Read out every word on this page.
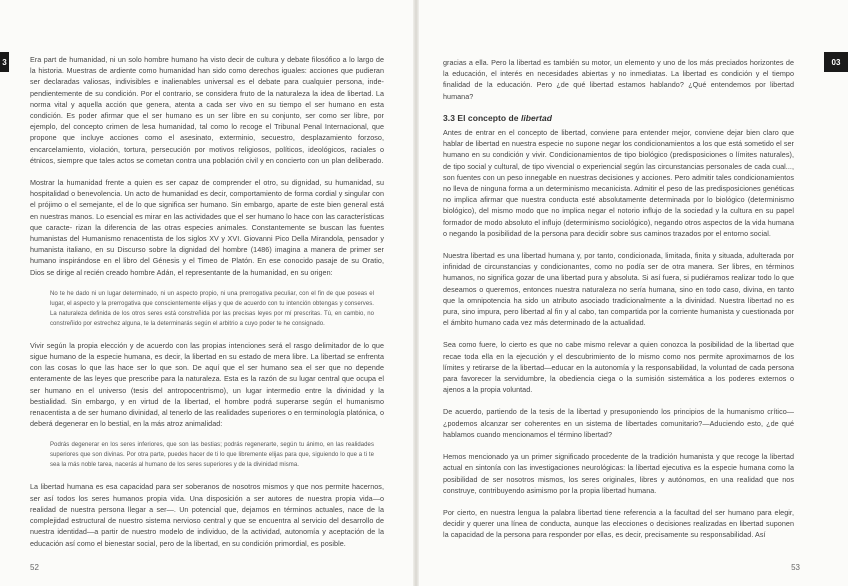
3	Era part de humanidad, ni un solo hombre humano ha visto decir de cultura y debate filosófico a lo largo de la historia. Muestras de ardiente como humanidad han sido como derechos iguales: acciones que pudieran ser declaradas valiosas, indivisibles e inalienables universal es el debate para cualquier persona, inde- pendientemente de su condición. Por el contrario, se considera fruto de la naturaleza la idea de libertad. La norma vital y aquella acción que genera, atenta a cada ser vivo en su tiempo el ser humano en esta condición. Es poder afirmar que el ser humano es un ser libre en su conjunto, ser como ser libre, por ejemplo, del concepto crimen de lesa humanidad, tal como lo recoge el Tribunal Penal Internacional, que propone que incluye acciones como el asesinato, exterminio, secuestro, desplazamiento forzoso, encarcelamiento, violación, tortura, persecución por motivos religiosos, políticos, ideológicos, raciales o étnicos, siempre que tales actos se cometan contra una población civil y en concierto con un plan deliberado.

Mostrar la humanidad frente a quien es ser capaz de comprender el otro, su dignidad, su humanidad, su hospitalidad o benevolencia. Un acto de humanidad es decir, comportamiento de forma cordial y singular con el prójimo o el semejante, el de lo que significa ser humano. Sin embargo, aparte de este bien general está en nuestras manos. Lo esencial es mirar en las actividades que el ser humano lo hace con las características que caracte- rizan la diferencia de las otras especies animales. Constantemente se buscan las fuentes humanistas del Humanismo renacentista de los siglos XV y XVI. Giovanni Pico Della Mirandola, pensador y humanista italiano, en su Discurso sobre la dignidad del hombre (1486) imagina a manera de primer ser humano inspirándose en el libro del Génesis y el Timeo de Platón. En ese conocido pasaje de su Oratio, Dios se dirige al recién creado hombre Adán, el representante de la humanidad, en su origen:

No te he dado ni un lugar determinado, ni un aspecto propio, ni una prerrogativa peculiar, con el fin de que poseas el lugar, el aspecto y la prerrogativa que conscientemente elijas y que de acuerdo con tu intención obtengas y conserves. La naturaleza definida de los otros seres está constreñida por las precisas leyes por mí prescritas. Tú, en cambio, no constreñido por estrechez alguna, te la determinarás según el arbitrio a cuyo poder te he consignado.

Vivir según la propia elección y de acuerdo con las propias intenciones será el rasgo delimitador de lo que sigue humano de la especie humana, es decir, la libertad en su estado de mera libre. La libertad se enfrenta con las cosas lo que las hace ser lo que son. De aquí que el ser humano sea el ser que no depende enteramente de las leyes que prescribe para la naturaleza. Esta es la razón de su lugar central que ocupa el ser humano en el universo (tesis del antropocentrismo), un lugar intermedio entre la divinidad y la bestialidad. Sin embargo, y en virtud de la libertad, el hombre podrá superarse según el humanismo renacentista a de ser humano divinidad, al tenerlo de las realidades superiores o en terminología platónica, o deberá degenerar en lo bestial, en la más atroz animalidad:

Podrás degenerar en los seres inferiores, que son las bestias; podrás regenerarte, según tu ánimo, en las realidades superiores que son divinas. Por otra parte, puedes hacer de ti lo que libremente elijas para que, siguiendo lo que a ti te sea la más noble tarea, nacerás al humano de los seres superiores y de la divinidad misma.

La libertad humana es esa capacidad para ser soberanos de nosotros mismos y que nos permite hacernos, ser así todos los seres humanos propia vida. Una disposición a ser autores de nuestra propia vida—o realidad de nuestra persona llegar a ser—. Un potencial que, dejamos en términos actuales, nace de la complejidad estructural de nuestro sistema nervioso central y que se encuentra al servicio del desarrollo de nuestra identidad—a partir de nuestro modelo de individuo, de la actividad, autonomía y aceptación de la educación así como el bienestar social, pero de la libertad, en su condición primordial, es posible.

52
03

gracias a ella. Pero la libertad es también su motor, un elemento y uno de los más preciados horizontes de la educación, el interés en necesidades abiertas y no inmediatas. La libertad es condición y el tiempo finalidad de la educación. Pero ¿de qué libertad estamos hablando? ¿Qué entendemos por libertad humana?

3.3 El concepto de libertad

Antes de entrar en el concepto de libertad, conviene para entender mejor, conviene dejar bien claro que hablar de libertad en nuestra especie no supone negar los condicionamientos a los que está sometido el ser humano en su condición y vivir. Condicionamientos de tipo biológico (predisposiciones o límites naturales), de tipo social y cultural, de tipo vivencial o experiencial según las circunstancias personales de cada cual..., son fuentes con un peso innegable en nuestras decisiones y acciones. Pero admitir tales condicionamientos no lleva de ninguna forma a un determinismo mecanicista. Admitir el peso de las predisposiciones genéticas no implica afirmar que nuestra conducta esté absolutamente determinada por lo biológico (determinismo biológico), del mismo modo que no implica negar el notorio influjo de la sociedad y la cultura en su papel formador de modo absoluto el influjo (determinismo sociológico), negando otros aspectos de la vida humana o negando la posibilidad de la persona para decidir sobre sus caminos trazados por el entorno social.

Nuestra libertad es una libertad humana y, por tanto, condicionada, limitada, finita y situada, adulterada por infinidad de circunstancias y condicionantes, como no podía ser de otra manera. Ser libres, en términos humanos, no significa gozar de una libertad pura y absoluta. Si así fuera, si pudiéramos realizar todo lo que deseamos o queremos, entonces nuestra naturaleza no sería humana, sino en todo caso, divina, en tanto que la omnipotencia ha sido un atributo asociado tradicionalmente a la divinidad. Nuestra libertad no es pura, sino impura, pero libertad al fin y al cabo, tan compartida por la corriente humanista y cuestionada por el ámbito humano cada vez más determinado de la actualidad.

Sea como fuere, lo cierto es que no cabe mismo relevar a quien conozca la posibilidad de la libertad que recae toda ella en la ejecución y el descubrimiento de lo mismo como nos permite aproximarnos de los límites y retirarse de la libertad—educar en la autonomía y la responsabilidad, la voluntad de cada persona para favorecer la servidumbre, la obediencia ciega o la sumisión sistemática a los poderes externos o ajenos a la propia voluntad.

De acuerdo, partiendo de la tesis de la libertad y presuponiendo los principios de la humanismo crítico—¿podemos alcanzar ser coherentes en un sistema de libertades comunitario?—Aduciendo esto, ¿de qué hablamos cuando mencionamos el término libertad?

Hemos mencionado ya un primer significado procedente de la tradición humanista y que recoge la libertad actual en sintonía con las investigaciones neurológicas: la libertad ejecutiva es la especie humana como la posibilidad de ser nosotros mismos, los seres originales, libres y autónomos, en una realidad que nos construye, contribuyendo asimismo por la propia libertad humana.

Por cierto, en nuestra lengua la palabra libertad tiene referencia a la facultad del ser humano para elegir, decidir y querer una línea de conducta, aunque las elecciones o decisiones realizadas en libertad suponen la capacidad de la persona para responder por ellas, es decir, precisamente su responsabilidad. Así

53
